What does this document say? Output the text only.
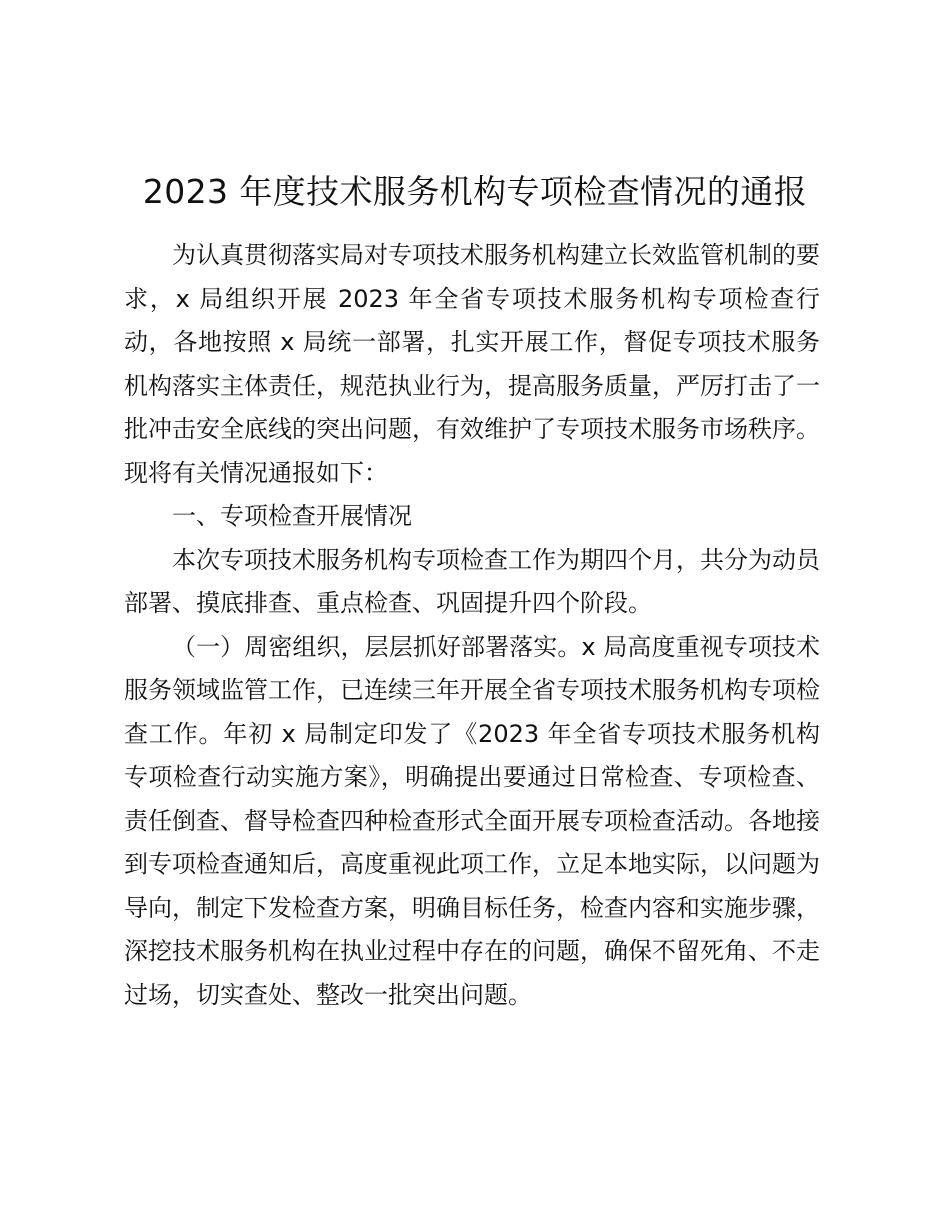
2023 年度技术服务机构专项检查情况的通报

为认真贯彻落实局对专项技术服务机构建立长效监管机制的要求，x 局组织开展 2023 年全省专项技术服务机构专项检查行动，各地按照 x 局统一部署，扎实开展工作，督促专项技术服务机构落实主体责任，规范执业行为，提高服务质量，严厉打击了一批冲击安全底线的突出问题，有效维护了专项技术服务市场秩序。现将有关情况通报如下：

一、专项检查开展情况

本次专项技术服务机构专项检查工作为期四个月，共分为动员部署、摸底排查、重点检查、巩固提升四个阶段。

（一）周密组织，层层抓好部署落实。x 局高度重视专项技术服务领域监管工作，已连续三年开展全省专项技术服务机构专项检查工作。年初 x 局制定印发了《2023 年全省专项技术服务机构专项检查行动实施方案》，明确提出要通过日常检查、专项检查、责任倒查、督导检查四种检查形式全面开展专项检查活动。各地接到专项检查通知后，高度重视此项工作，立足本地实际，以问题为导向，制定下发检查方案，明确目标任务，检查内容和实施步骤，深挖技术服务机构在执业过程中存在的问题，确保不留死角、不走过场，切实查处、整改一批突出问题。
